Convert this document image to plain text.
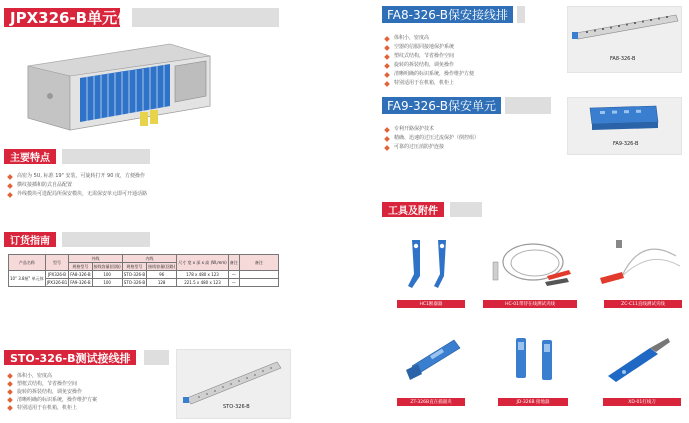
JPX326-B单元体
主要特点
高密为 5U, 标准 19" 安装，可旋转打开 90 度，方便操作
横纹接插和防式自品配置
外线模块可选配局所保安模块，无需保安单元即可开通话路
订货指南
产品名称	型号	外线		内线		尺寸 宽 x 深 x 高 (W,mm)	备注	备注
		规格型号	接线容量(回路)	规格型号	接线容量(回路)			
10" 3.8厘" 单元体	JPX326-B	FA8-326-B	100	STO-326-B	96	178 x 480 x 123	—	
	JPX326-B1	FA9-326-B	100	STO-326-B	128	221.5 x 480 x 123	—	
STO-326-B测试接线排
体积小，密度高
塑框式结构，节省操作空间
旋转的拆装结构，调免安操作
清晰明确的标识系统，操作维护方案
特别适用于在机箱，机柜上	STO-326-B
FA8-326-B保安接线排
体积小，密度高
空器的信服同接地保护系统
塑纹式结构，节省操作空间
旋转的拆装结构，调免操作
清晰明确的标识系统，操作维护方便
特别适用于在机箱，机柜上
FA8-326-B
FA9-326-B保安单元
专利开路保护技术
精确、迅速的过压过流保护（倒控组）
可靠的过压消防护连接	FA9-326-B
工具及附件
HC1断器器	HC-01带待在线测试夹线	ZC-C11直线测试夹线
ZT-326B直在插器夹	JD-326B 接地器	XD-01打线刀
